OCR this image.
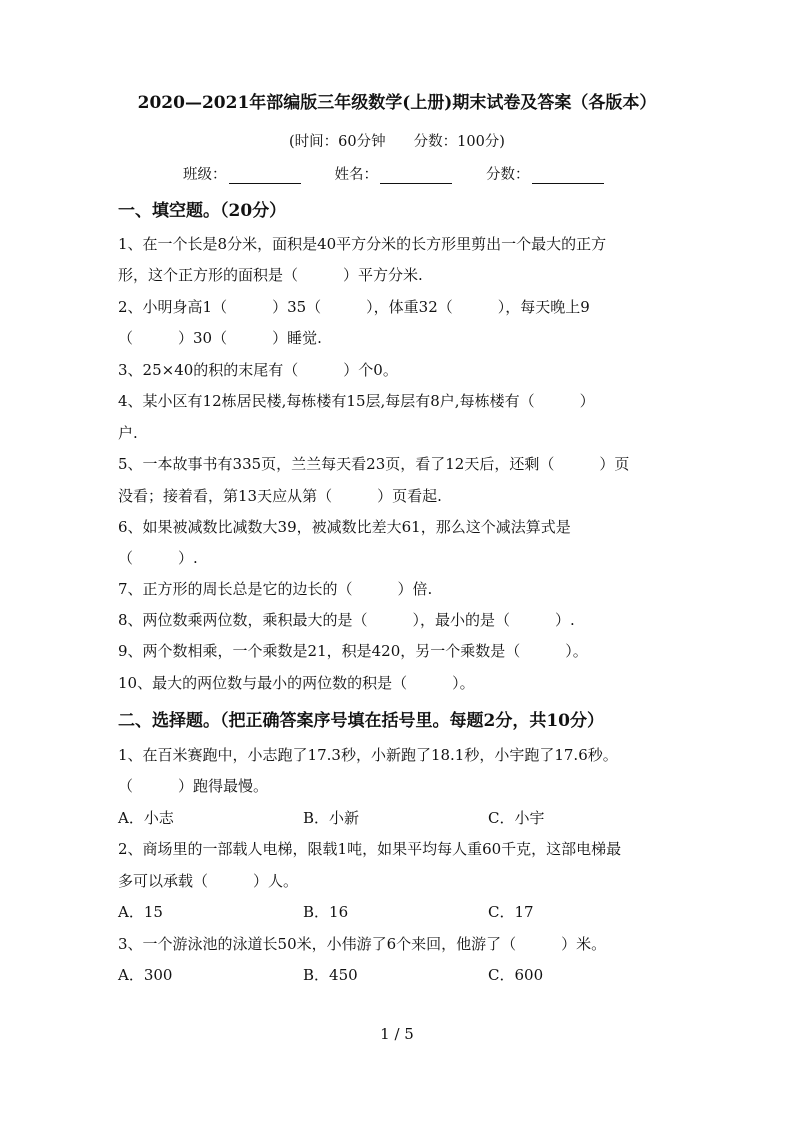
2020—2021年部编版三年级数学(上册)期末试卷及答案（各版本）
(时间：60分钟 分数：100分)
班级：	姓名：	分数：
一、填空题。（20分）
1、在一个长是8分米，面积是40平方分米的长方形里剪出一个最大的正方
形，这个正方形的面积是（　　　）平方分米.
2、小明身高1（　　　）35（　　　），体重32（　　　），每天晚上9
（　　　）30（　　　）睡觉.
3、25×40的积的末尾有（　　　）个0。
4、某小区有12栋居民楼,每栋楼有15层,每层有8户,每栋楼有（　　　）
户.
5、一本故事书有335页，兰兰每天看23页，看了12天后，还剩（　　　）页
没看；接着看，第13天应从第（　　　）页看起.
6、如果被减数比减数大39，被减数比差大61，那么这个减法算式是
（　　　）.
7、正方形的周长总是它的边长的（　　　）倍.
8、两位数乘两位数，乘积最大的是（　　　），最小的是（　　　）.
9、两个数相乘，一个乘数是21，积是420，另一个乘数是（　　　）。
10、最大的两位数与最小的两位数的积是（　　　）。
二、选择题。（把正确答案序号填在括号里。每题2分，共10分）
1、在百米赛跑中，小志跑了17.3秒，小新跑了18.1秒，小宇跑了17.6秒。
（　　　）跑得最慢。
A．小志	B．小新	C．小宇
2、商场里的一部载人电梯，限载1吨，如果平均每人重60千克，这部电梯最
多可以承载（　　　）人。
A．15	B．16	C．17
3、一个游泳池的泳道长50米，小伟游了6个来回，他游了（　　　）米。
A．300	B．450	C．600
1 / 5
